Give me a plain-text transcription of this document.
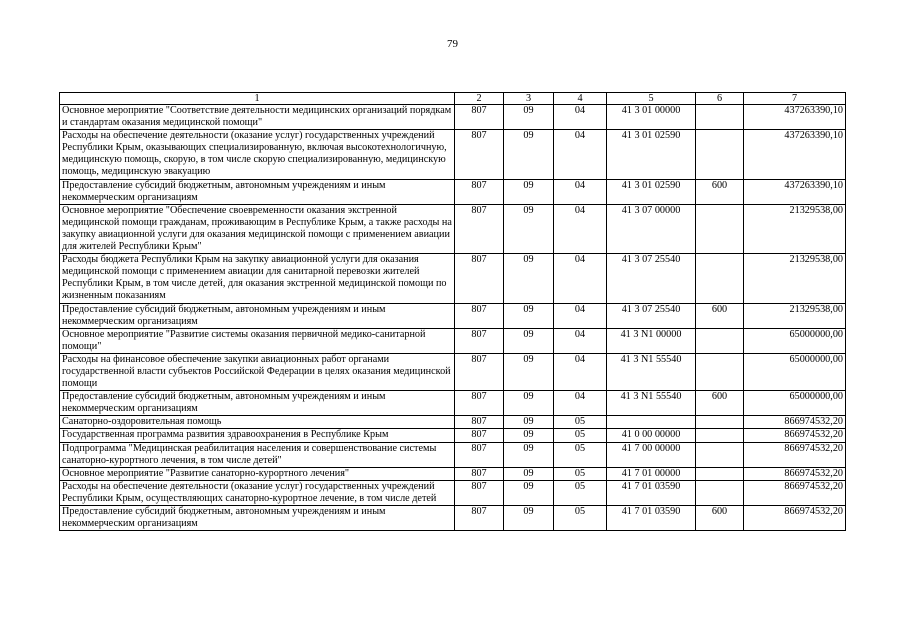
79
1	2	3	4	5	6	7
Основное мероприятие "Соответствие деятельности медицинских организаций порядкам и стандартам оказания медицинской помощи"	807	09	04	41 3 01 00000		437263390,10
Расходы на обеспечение деятельности (оказание услуг) государственных учреждений Республики Крым, оказывающих специализированную, включая высокотехнологичную, медицинскую помощь, скорую, в том числе скорую специализированную, медицинскую помощь, медицинскую эвакуацию	807	09	04	41 3 01 02590		437263390,10
Предоставление субсидий бюджетным, автономным учреждениям и иным некоммерческим организациям	807	09	04	41 3 01 02590	600	437263390,10
Основное мероприятие "Обеспечение своевременности оказания экстренной медицинской помощи гражданам, проживающим в Республике Крым, а также расходы на закупку авиационной услуги для оказания медицинской помощи с применением авиации для жителей Республики Крым"	807	09	04	41 3 07 00000		21329538,00
Расходы бюджета Республики Крым на закупку авиационной услуги для оказания медицинской помощи с применением авиации для санитарной перевозки жителей Республики Крым, в том числе детей, для оказания экстренной медицинской помощи по жизненным показаниям	807	09	04	41 3 07 25540		21329538,00
Предоставление субсидий бюджетным, автономным учреждениям и иным некоммерческим организациям	807	09	04	41 3 07 25540	600	21329538,00
Основное мероприятие "Развитие системы оказания первичной медико-санитарной помощи"	807	09	04	41 3 N1 00000		65000000,00
Расходы на финансовое обеспечение закупки авиационных работ органами государственной власти субъектов Российской Федерации в целях оказания медицинской помощи	807	09	04	41 3 N1 55540		65000000,00
Предоставление субсидий бюджетным, автономным учреждениям и иным некоммерческим организациям	807	09	04	41 3 N1 55540	600	65000000,00
Санаторно-оздоровительная помощь	807	09	05			866974532,20
Государственная программа развития здравоохранения в Республике Крым	807	09	05	41 0 00 00000		866974532,20
Подпрограмма "Медицинская реабилитация населения и совершенствование системы санаторно-курортного лечения, в том числе детей"	807	09	05	41 7 00 00000		866974532,20
Основное мероприятие "Развитие санаторно-курортного лечения"	807	09	05	41 7 01 00000		866974532,20
Расходы на обеспечение деятельности (оказание услуг) государственных учреждений Республики Крым, осуществляющих санаторно-курортное лечение, в том числе детей	807	09	05	41 7 01 03590		866974532,20
Предоставление субсидий бюджетным, автономным учреждениям и иным некоммерческим организациям	807	09	05	41 7 01 03590	600	866974532,20
